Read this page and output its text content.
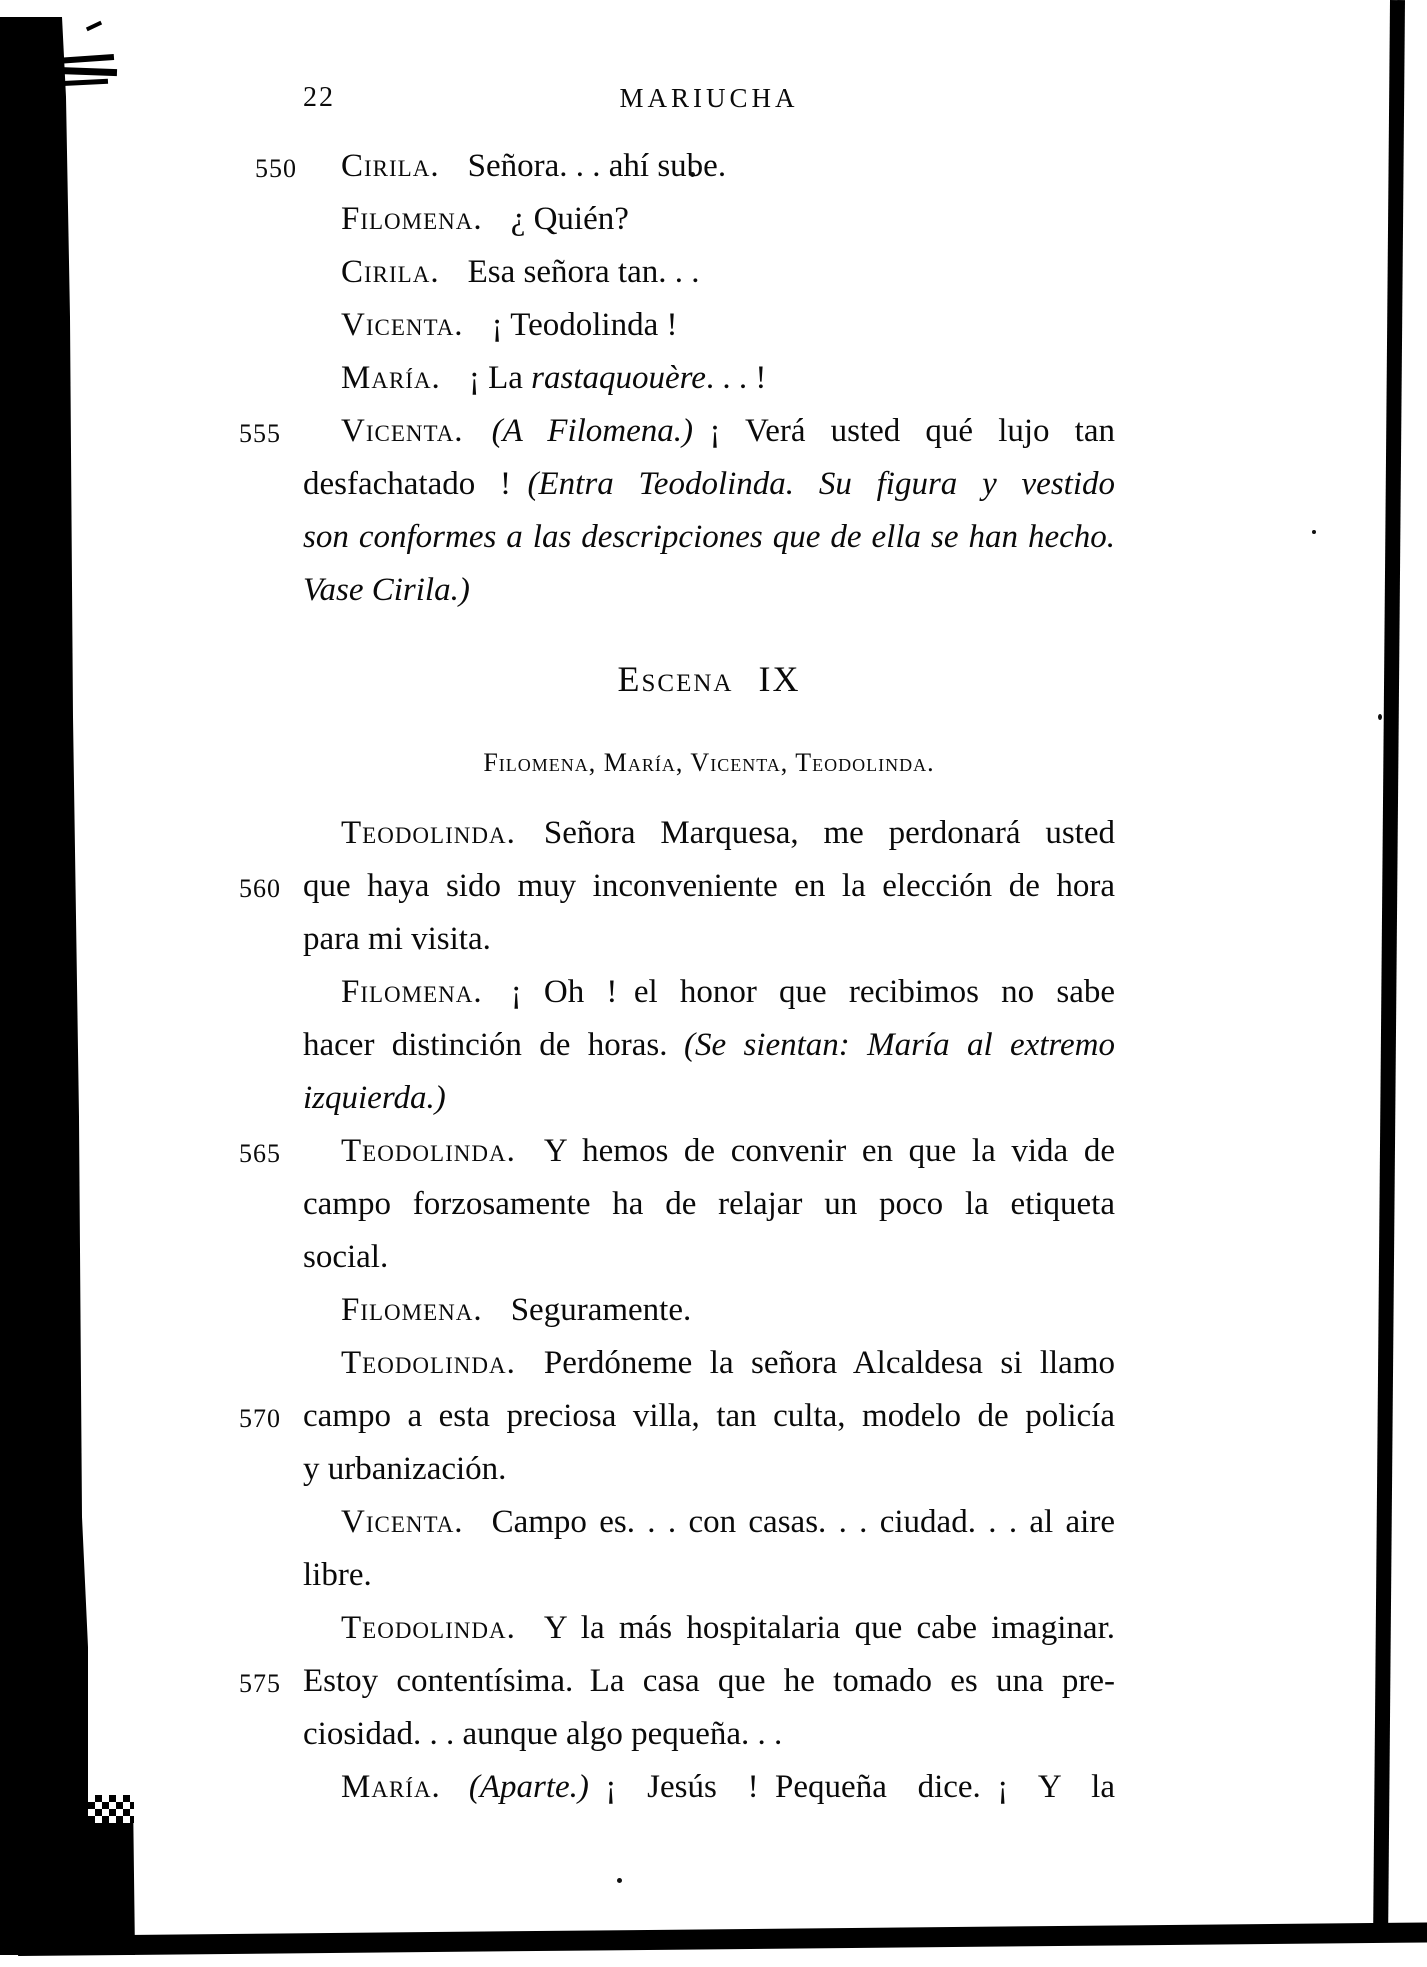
22	MARIUCHA
550 Cirila. Señora. . . ahí sube.
Filomena. ¿ Quién?
Cirila. Esa señora tan. . .
Vicenta. ¡ Teodolinda !
María. ¡ La rastaquouère. . . !
555	Vicenta. (A Filomena.) ¡ Verá usted qué lujo tan
desfachatado ! (Entra Teodolinda. Su figura y vestido
son conformes a las descripciones que de ella se han hecho.
Vase Cirila.)
Escena IX
Filomena, María, Vicenta, Teodolinda.
Teodolinda. Señora Marquesa, me perdonará usted
560 que haya sido muy inconveniente en la elección de hora
para mi visita.
Filomena. ¡ Oh ! el honor que recibimos no sabe
hacer distinción de horas. (Se sientan: María al extremo
izquierda.)
565	Teodolinda. Y hemos de convenir en que la vida de
campo forzosamente ha de relajar un poco la etiqueta
social.
Filomena. Seguramente.
Teodolinda. Perdóneme la señora Alcaldesa si llamo
570 campo a esta preciosa villa, tan culta, modelo de policía
y urbanización.
Vicenta. Campo es. . . con casas. . . ciudad. . . al aire
libre.
Teodolinda. Y la más hospitalaria que cabe imaginar.
575 Estoy contentísima. La casa que he tomado es una pre-
ciosidad. . . aunque algo pequeña. . .
María. (Aparte.) ¡ Jesús ! Pequeña dice. ¡ Y la
